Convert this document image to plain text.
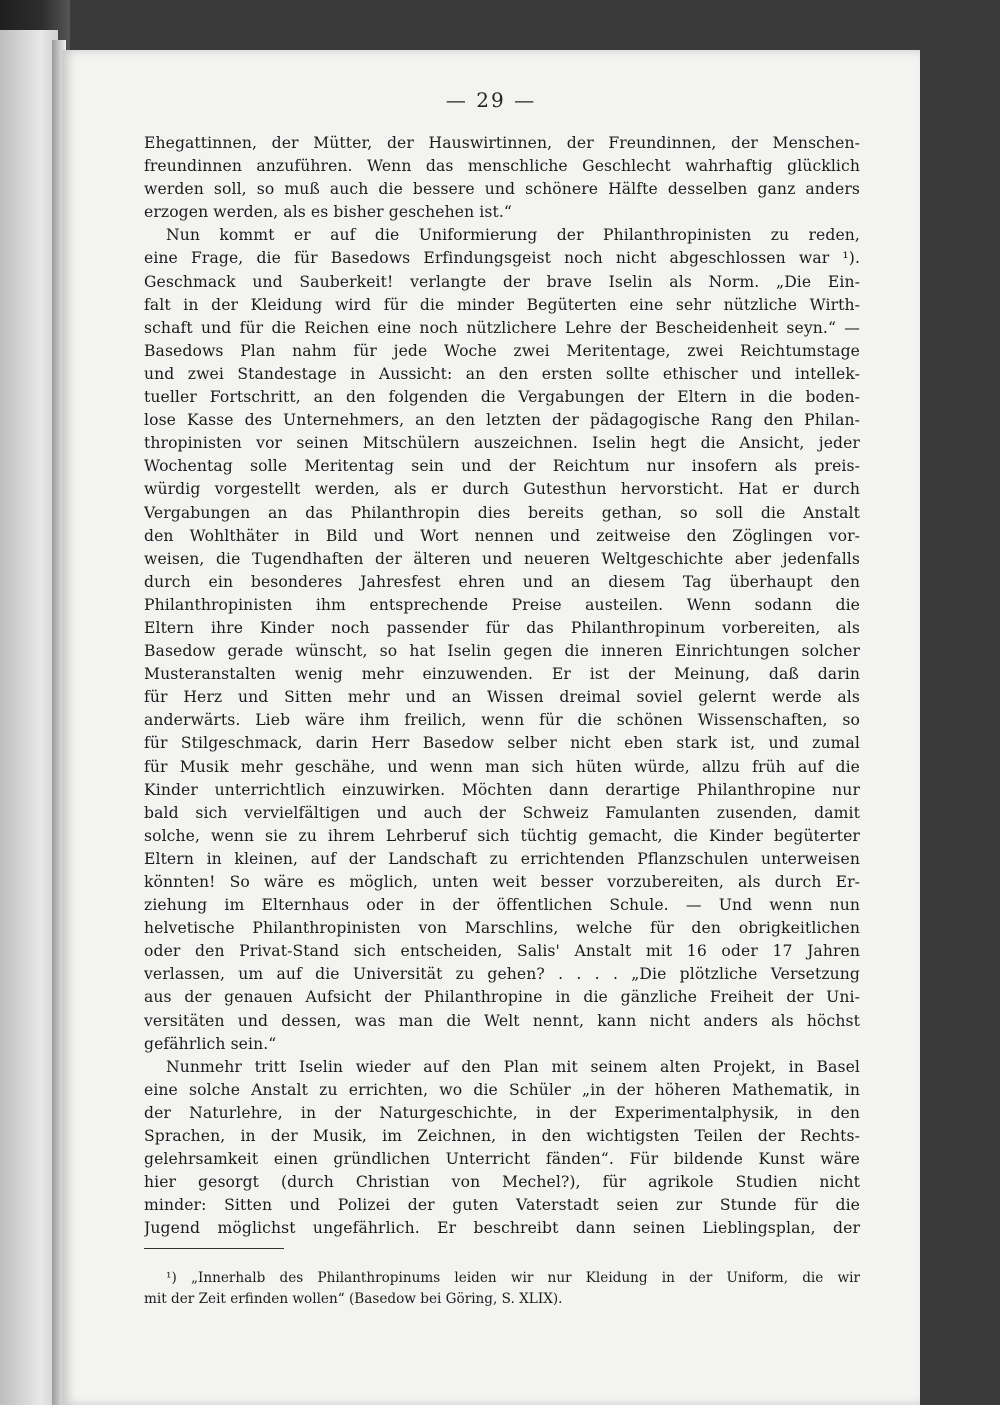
— 29 —
Ehegattinnen, der Mütter, der Hauswirtinnen, der Freundinnen, der Menschen-
freundinnen anzuführen. Wenn das menschliche Geschlecht wahrhaftig glücklich
werden soll, so muß auch die bessere und schönere Hälfte desselben ganz anders
erzogen werden, als es bisher geschehen ist.“
Nun kommt er auf die Uniformierung der Philanthropinisten zu reden,
eine Frage, die für Basedows Erfindungsgeist noch nicht abgeschlossen war ¹).
Geschmack und Sauberkeit! verlangte der brave Iselin als Norm. „Die Ein-
falt in der Kleidung wird für die minder Begüterten eine sehr nützliche Wirth-
schaft und für die Reichen eine noch nützlichere Lehre der Bescheidenheit seyn.“ —
Basedows Plan nahm für jede Woche zwei Meritentage, zwei Reichtumstage
und zwei Standestage in Aussicht: an den ersten sollte ethischer und intellek-
tueller Fortschritt, an den folgenden die Vergabungen der Eltern in die boden-
lose Kasse des Unternehmers, an den letzten der pädagogische Rang den Philan-
thropinisten vor seinen Mitschülern auszeichnen. Iselin hegt die Ansicht, jeder
Wochentag solle Meritentag sein und der Reichtum nur insofern als preis-
würdig vorgestellt werden, als er durch Gutesthun hervorsticht. Hat er durch
Vergabungen an das Philanthropin dies bereits gethan, so soll die Anstalt
den Wohlthäter in Bild und Wort nennen und zeitweise den Zöglingen vor-
weisen, die Tugendhaften der älteren und neueren Weltgeschichte aber jedenfalls
durch ein besonderes Jahresfest ehren und an diesem Tag überhaupt den
Philanthropinisten ihm entsprechende Preise austeilen. Wenn sodann die
Eltern ihre Kinder noch passender für das Philanthropinum vorbereiten, als
Basedow gerade wünscht, so hat Iselin gegen die inneren Einrichtungen solcher
Musteranstalten wenig mehr einzuwenden. Er ist der Meinung, daß darin
für Herz und Sitten mehr und an Wissen dreimal soviel gelernt werde als
anderwärts. Lieb wäre ihm freilich, wenn für die schönen Wissenschaften, so
für Stilgeschmack, darin Herr Basedow selber nicht eben stark ist, und zumal
für Musik mehr geschähe, und wenn man sich hüten würde, allzu früh auf die
Kinder unterrichtlich einzuwirken. Möchten dann derartige Philanthropine nur
bald sich vervielfältigen und auch der Schweiz Famulanten zusenden, damit
solche, wenn sie zu ihrem Lehrberuf sich tüchtig gemacht, die Kinder begüterter
Eltern in kleinen, auf der Landschaft zu errichtenden Pflanzschulen unterweisen
könnten! So wäre es möglich, unten weit besser vorzubereiten, als durch Er-
ziehung im Elternhaus oder in der öffentlichen Schule. — Und wenn nun
helvetische Philanthropinisten von Marschlins, welche für den obrigkeitlichen
oder den Privat-Stand sich entscheiden, Salis' Anstalt mit 16 oder 17 Jahren
verlassen, um auf die Universität zu gehen? . . . . „Die plötzliche Versetzung
aus der genauen Aufsicht der Philanthropine in die gänzliche Freiheit der Uni-
versitäten und dessen, was man die Welt nennt, kann nicht anders als höchst
gefährlich sein.“
Nunmehr tritt Iselin wieder auf den Plan mit seinem alten Projekt, in Basel
eine solche Anstalt zu errichten, wo die Schüler „in der höheren Mathematik, in
der Naturlehre, in der Naturgeschichte, in der Experimentalphysik, in den
Sprachen, in der Musik, im Zeichnen, in den wichtigsten Teilen der Rechts-
gelehrsamkeit einen gründlichen Unterricht fänden“. Für bildende Kunst wäre
hier gesorgt (durch Christian von Mechel?), für agrikole Studien nicht
minder: Sitten und Polizei der guten Vaterstadt seien zur Stunde für die
Jugend möglichst ungefährlich. Er beschreibt dann seinen Lieblingsplan, der
¹) „Innerhalb des Philanthropinums leiden wir nur Kleidung in der Uniform, die wir
mit der Zeit erfinden wollen“ (Basedow bei Göring, S. XLIX).
